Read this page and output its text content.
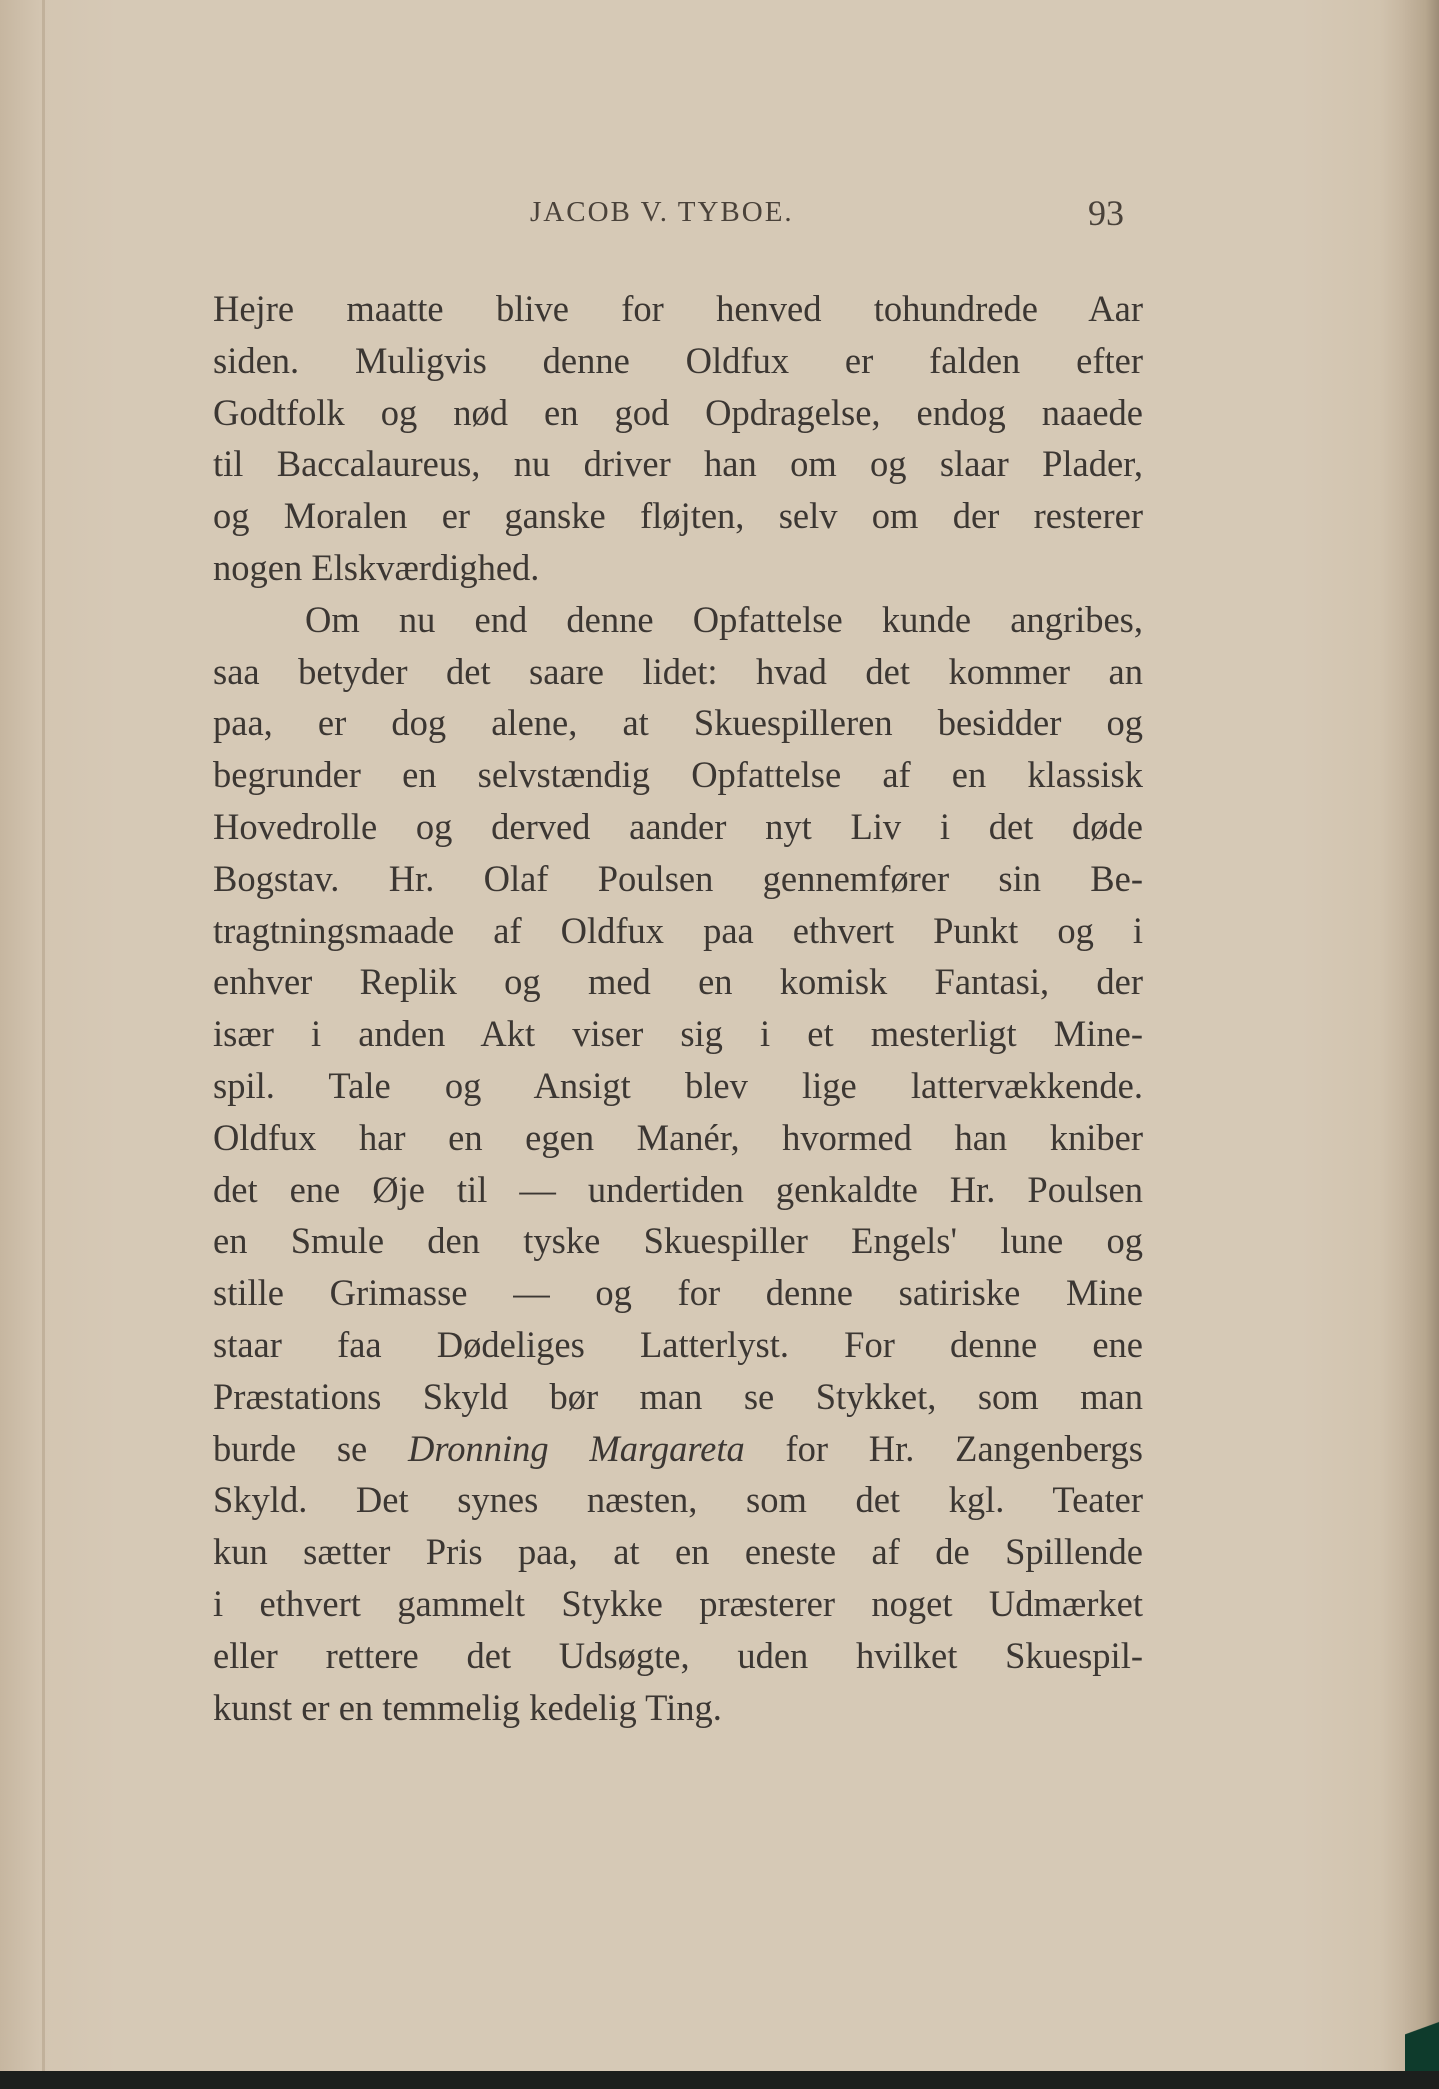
JACOB V. TYBOE.	93
Hejre maatte blive for henved tohundrede Aar
siden. Muligvis denne Oldfux er falden efter
Godtfolk og nød en god Opdragelse, endog naaede
til Baccalaureus, nu driver han om og slaar Plader,
og Moralen er ganske fløjten, selv om der resterer
nogen Elskværdighed.
Om nu end denne Opfattelse kunde angribes,
saa betyder det saare lidet: hvad det kommer an
paa, er dog alene, at Skuespilleren besidder og
begrunder en selvstændig Opfattelse af en klassisk
Hovedrolle og derved aander nyt Liv i det døde
Bogstav. Hr. Olaf Poulsen gennemfører sin Be-
tragtningsmaade af Oldfux paa ethvert Punkt og i
enhver Replik og med en komisk Fantasi, der
især i anden Akt viser sig i et mesterligt Mine-
spil. Tale og Ansigt blev lige lattervækkende.
Oldfux har en egen Manér, hvormed han kniber
det ene Øje til — undertiden genkaldte Hr. Poulsen
en Smule den tyske Skuespiller Engels' lune og
stille Grimasse — og for denne satiriske Mine
staar faa Dødeliges Latterlyst. For denne ene
Præstations Skyld bør man se Stykket, som man
burde se Dronning Margareta for Hr. Zangenbergs
Skyld. Det synes næsten, som det kgl. Teater
kun sætter Pris paa, at en eneste af de Spillende
i ethvert gammelt Stykke præsterer noget Udmærket
eller rettere det Udsøgte, uden hvilket Skuespil-
kunst er en temmelig kedelig Ting.
